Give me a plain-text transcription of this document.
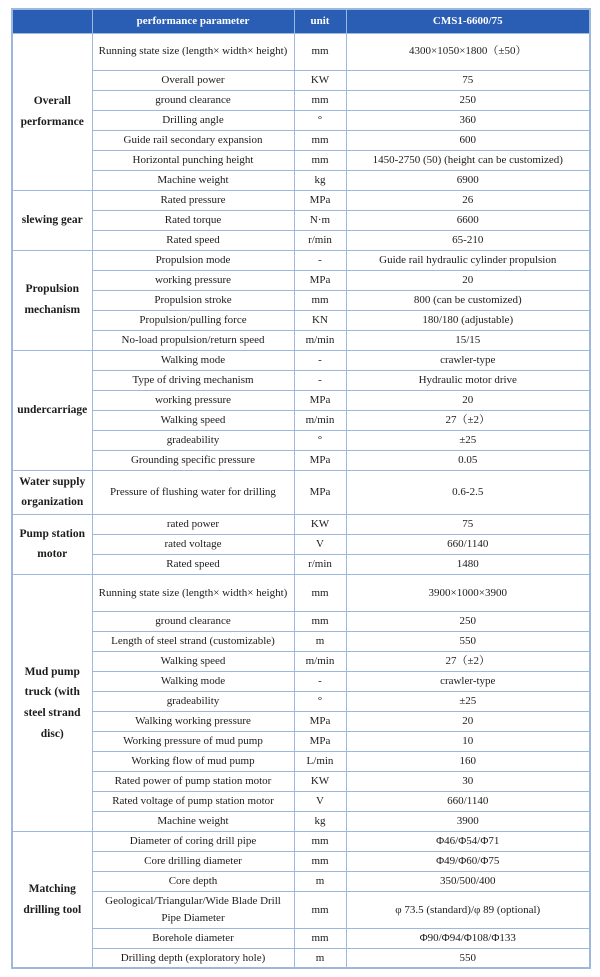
	performance parameter	unit	CMS1-6600/75
Overall performance	Running state size (length× width× height)	mm	4300×1050×1800（±50）
	Overall power	KW	75
	ground clearance	mm	250
	Drilling angle	°	360
	Guide rail secondary expansion	mm	600
	Horizontal punching height	mm	1450-2750 (50) (height can be customized)
	Machine weight	kg	6900
slewing gear	Rated pressure	MPa	26
	Rated torque	N·m	6600
	Rated speed	r/min	65-210
Propulsion mechanism	Propulsion mode	-	Guide rail hydraulic cylinder propulsion
	working pressure	MPa	20
	Propulsion stroke	mm	800 (can be customized)
	Propulsion/pulling force	KN	180/180 (adjustable)
	No-load propulsion/return speed	m/min	15/15
undercarriage	Walking mode	-	crawler-type
	Type of driving mechanism	-	Hydraulic motor drive
	working pressure	MPa	20
	Walking speed	m/min	27（±2）
	gradeability	°	±25
	Grounding specific pressure	MPa	0.05
Water supply organization	Pressure of flushing water for drilling	MPa	0.6-2.5
Pump station motor	rated power	KW	75
	rated voltage	V	660/1140
	Rated speed	r/min	1480
Mud pump truck (with steel strand disc)	Running state size (length× width× height)	mm	3900×1000×3900
	ground clearance	mm	250
	Length of steel strand (customizable)	m	550
	Walking speed	m/min	27（±2）
	Walking mode	-	crawler-type
	gradeability	°	±25
	Walking working pressure	MPa	20
	Working pressure of mud pump	MPa	10
	Working flow of mud pump	L/min	160
	Rated power of pump station motor	KW	30
	Rated voltage of pump station motor	V	660/1140
	Machine weight	kg	3900
Matching drilling tool	Diameter of coring drill pipe	mm	Φ46/Φ54/Φ71
	Core drilling diameter	mm	Φ49/Φ60/Φ75
	Core depth	m	350/500/400
	Geological/Triangular/Wide Blade Drill Pipe Diameter	mm	φ 73.5 (standard)/φ 89 (optional)
	Borehole diameter	mm	Φ90/Φ94/Φ108/Φ133
	Drilling depth (exploratory hole)	m	550
